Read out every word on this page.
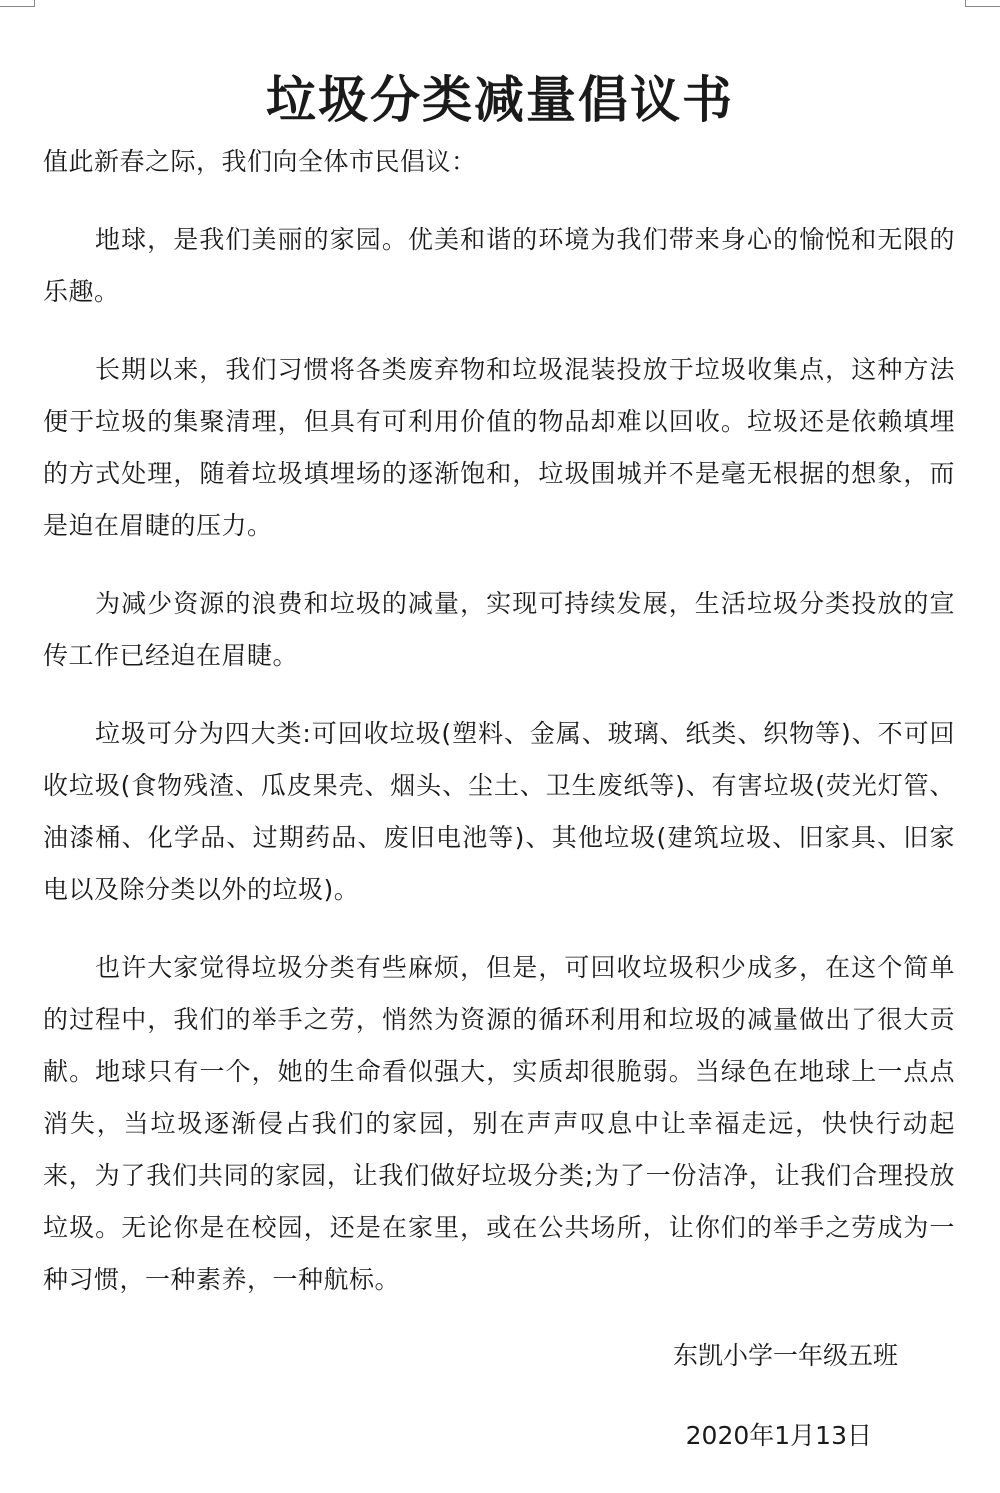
垃圾分类减量倡议书

值此新春之际，我们向全体市民倡议：

地球，是我们美丽的家园。优美和谐的环境为我们带来身心的愉悦和无限的乐趣。

长期以来，我们习惯将各类废弃物和垃圾混装投放于垃圾收集点，这种方法便于垃圾的集聚清理，但具有可利用价值的物品却难以回收。垃圾还是依赖填埋的方式处理，随着垃圾填埋场的逐渐饱和，垃圾围城并不是毫无根据的想象，而是迫在眉睫的压力。

为减少资源的浪费和垃圾的减量，实现可持续发展，生活垃圾分类投放的宣传工作已经迫在眉睫。

垃圾可分为四大类:可回收垃圾(塑料、金属、玻璃、纸类、织物等)、不可回收垃圾(食物残渣、瓜皮果壳、烟头、尘土、卫生废纸等)、有害垃圾(荧光灯管、油漆桶、化学品、过期药品、废旧电池等)、其他垃圾(建筑垃圾、旧家具、旧家电以及除分类以外的垃圾)。

也许大家觉得垃圾分类有些麻烦，但是，可回收垃圾积少成多，在这个简单的过程中，我们的举手之劳，悄然为资源的循环利用和垃圾的减量做出了很大贡献。地球只有一个，她的生命看似强大，实质却很脆弱。当绿色在地球上一点点消失，当垃圾逐渐侵占我们的家园，别在声声叹息中让幸福走远，快快行动起来，为了我们共同的家园，让我们做好垃圾分类;为了一份洁净，让我们合理投放垃圾。无论你是在校园，还是在家里，或在公共场所，让你们的举手之劳成为一种习惯，一种素养，一种航标。

东凯小学一年级五班
2020年1月13日
